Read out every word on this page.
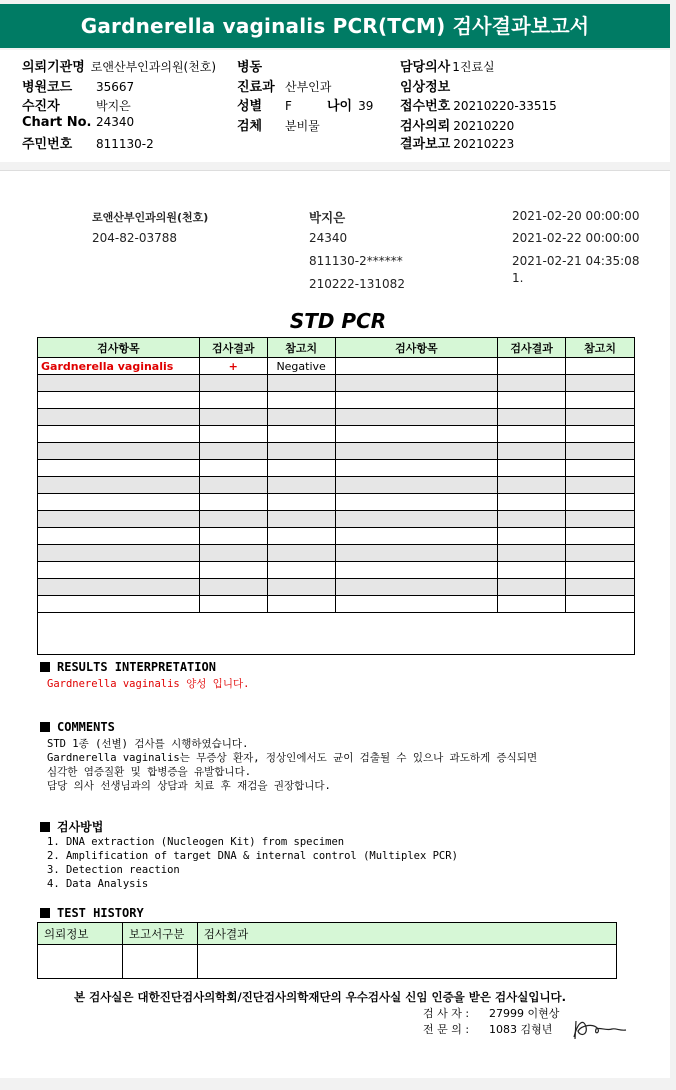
Gardnerella vaginalis PCR(TCM) 검사결과보고서
의뢰기관명 로앤산부인과의원(천호)
병원코드 35667
수진자	박지은
Chart No. 24340
주민번호 811130-2
병동
진료과 산부인과
성별 F	나이 39
검체 분비물
담당의사 1진료실
임상정보
접수번호 20210220-33515
검사의뢰 20210220
결과보고 20210223
로앤산부인과의원(천호)
204-82-03788
박지은
24340
811130-2******
210222-131082
2021-02-20 00:00:00
2021-02-22 00:00:00
2021-02-21 04:35:08
1.
STD PCR
검사항목	검사결과	참고치	검사항목	검사결과	참고치
Gardnerella vaginalis	+	Negative			

RESULTS INTERPRETATION
Gardnerella vaginalis 양성 입니다.
COMMENTS
STD 1종 (선별) 검사를 시행하였습니다.
Gardnerella vaginalis는 무증상 환자, 정상인에서도 균이 검출될 수 있으나 과도하게 증식되면
심각한 염증질환 및 합병증을 유발합니다.
담당 의사 선생님과의 상담과 치료 후 재검을 권장합니다.
검사방법
1. DNA extraction (Nucleogen Kit) from specimen
2. Amplification of target DNA & internal control (Multiplex PCR)
3. Detection reaction
4. Data Analysis
TEST HISTORY
의뢰정보	보고서구분	검사결과

본 검사실은 대한진단검사의학회/진단검사의학재단의 우수검사실 신임 인증을 받은 검사실입니다.
검 사 자 : 27999 이현상
전 문 의 : 1083 김형년
